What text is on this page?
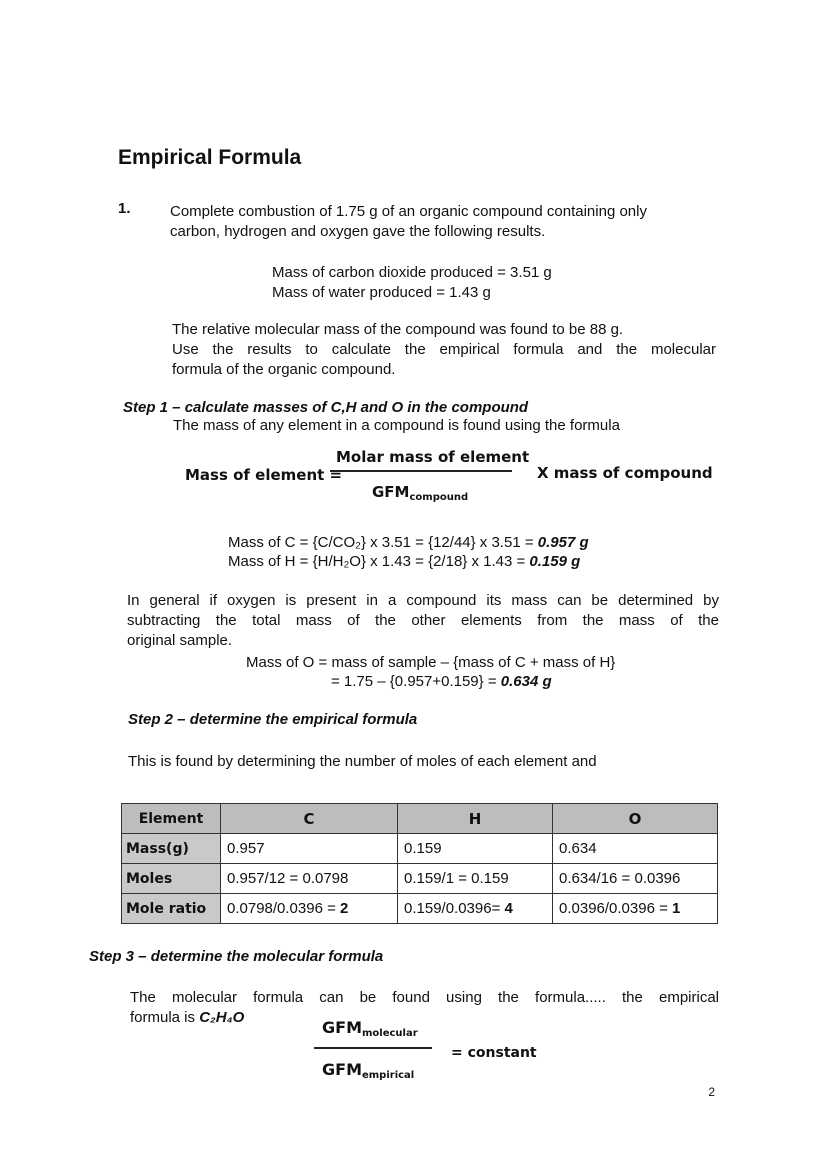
Empirical Formula
1.	Complete combustion of 1.75 g of an organic compound containing only
carbon, hydrogen and oxygen gave the following results.
Mass of carbon dioxide produced = 3.51 g
Mass of water produced = 1.43 g
The relative molecular mass of the compound was found to be 88 g.
Use the results to calculate the empirical formula and the molecular
formula of the organic compound.
Step 1 – calculate masses of C,H and O in the compound
The mass of any element in a compound is found using the formula
Mass of element =
Molar mass of element
$GFM_{compound}$
X mass of compound
Mass of C = {C/CO₂} x 3.51 = {12/44} x 3.51 = 0.957 g
Mass of H = {H/H₂O} x 1.43 = {2/18} x 1.43 = 0.159 g
In general if oxygen is present in a compound its mass can be determined by
subtracting the total mass of the other elements from the mass of the
original sample.
Mass of O = mass of sample – {mass of C + mass of H}
= 1.75 – {0.957+0.159} = 0.634 g
Step 2 – determine the empirical formula
This is found by determining the number of moles of each element and
Element	C	H	O
Mass(g)	0.957	0.159	0.634
Moles	0.957/12 = 0.0798	0.159/1 = 0.159	0.634/16 = 0.0396
Mole ratio	0.0798/0.0396 = 2	0.159/0.0396= 4	0.0396/0.0396 = 1
Step 3 – determine the molecular formula
The molecular formula can be found using the formula..... the empirical
formula is C₂H₄O
$GFM_{molecular}$
= constant
$GFM_{empirical}$
2
